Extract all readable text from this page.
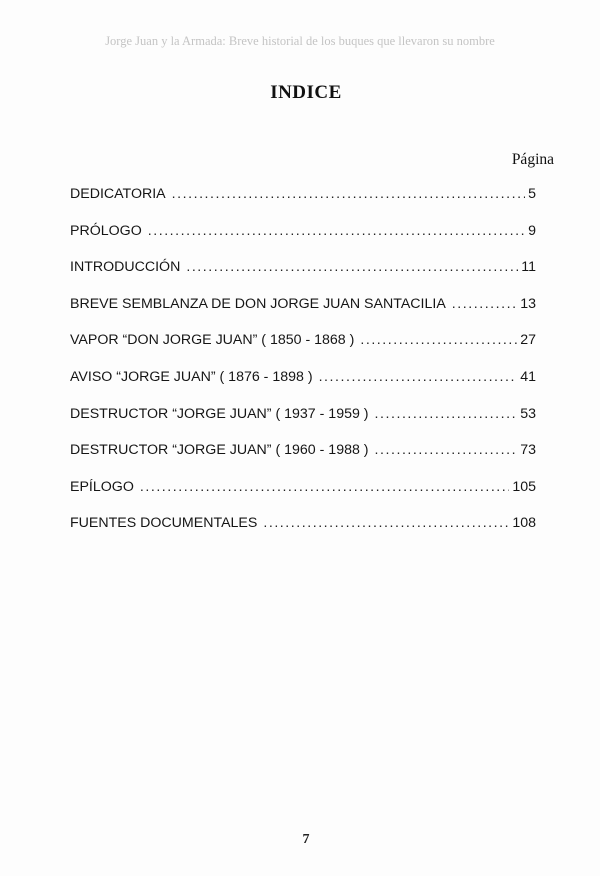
Jorge Juan y la Armada: Breve historial de los buques que llevaron su nombre
INDICE
Página
DEDICATORIA . . .	5
PRÓLOGO . . .	9
INTRODUCCIÓN . . .	11
BREVE SEMBLANZA DE DON JORGE JUAN SANTACILIA . . .	13
VAPOR “DON JORGE JUAN” ( 1850 - 1868 ) . . .	27
AVISO “JORGE JUAN” ( 1876 - 1898 ) . . .	41
DESTRUCTOR “JORGE JUAN” ( 1937 - 1959 ) . . .	53
DESTRUCTOR “JORGE JUAN” ( 1960 - 1988 ) . . .	73
EPÍLOGO . . .	105
FUENTES DOCUMENTALES . . .	108
7
